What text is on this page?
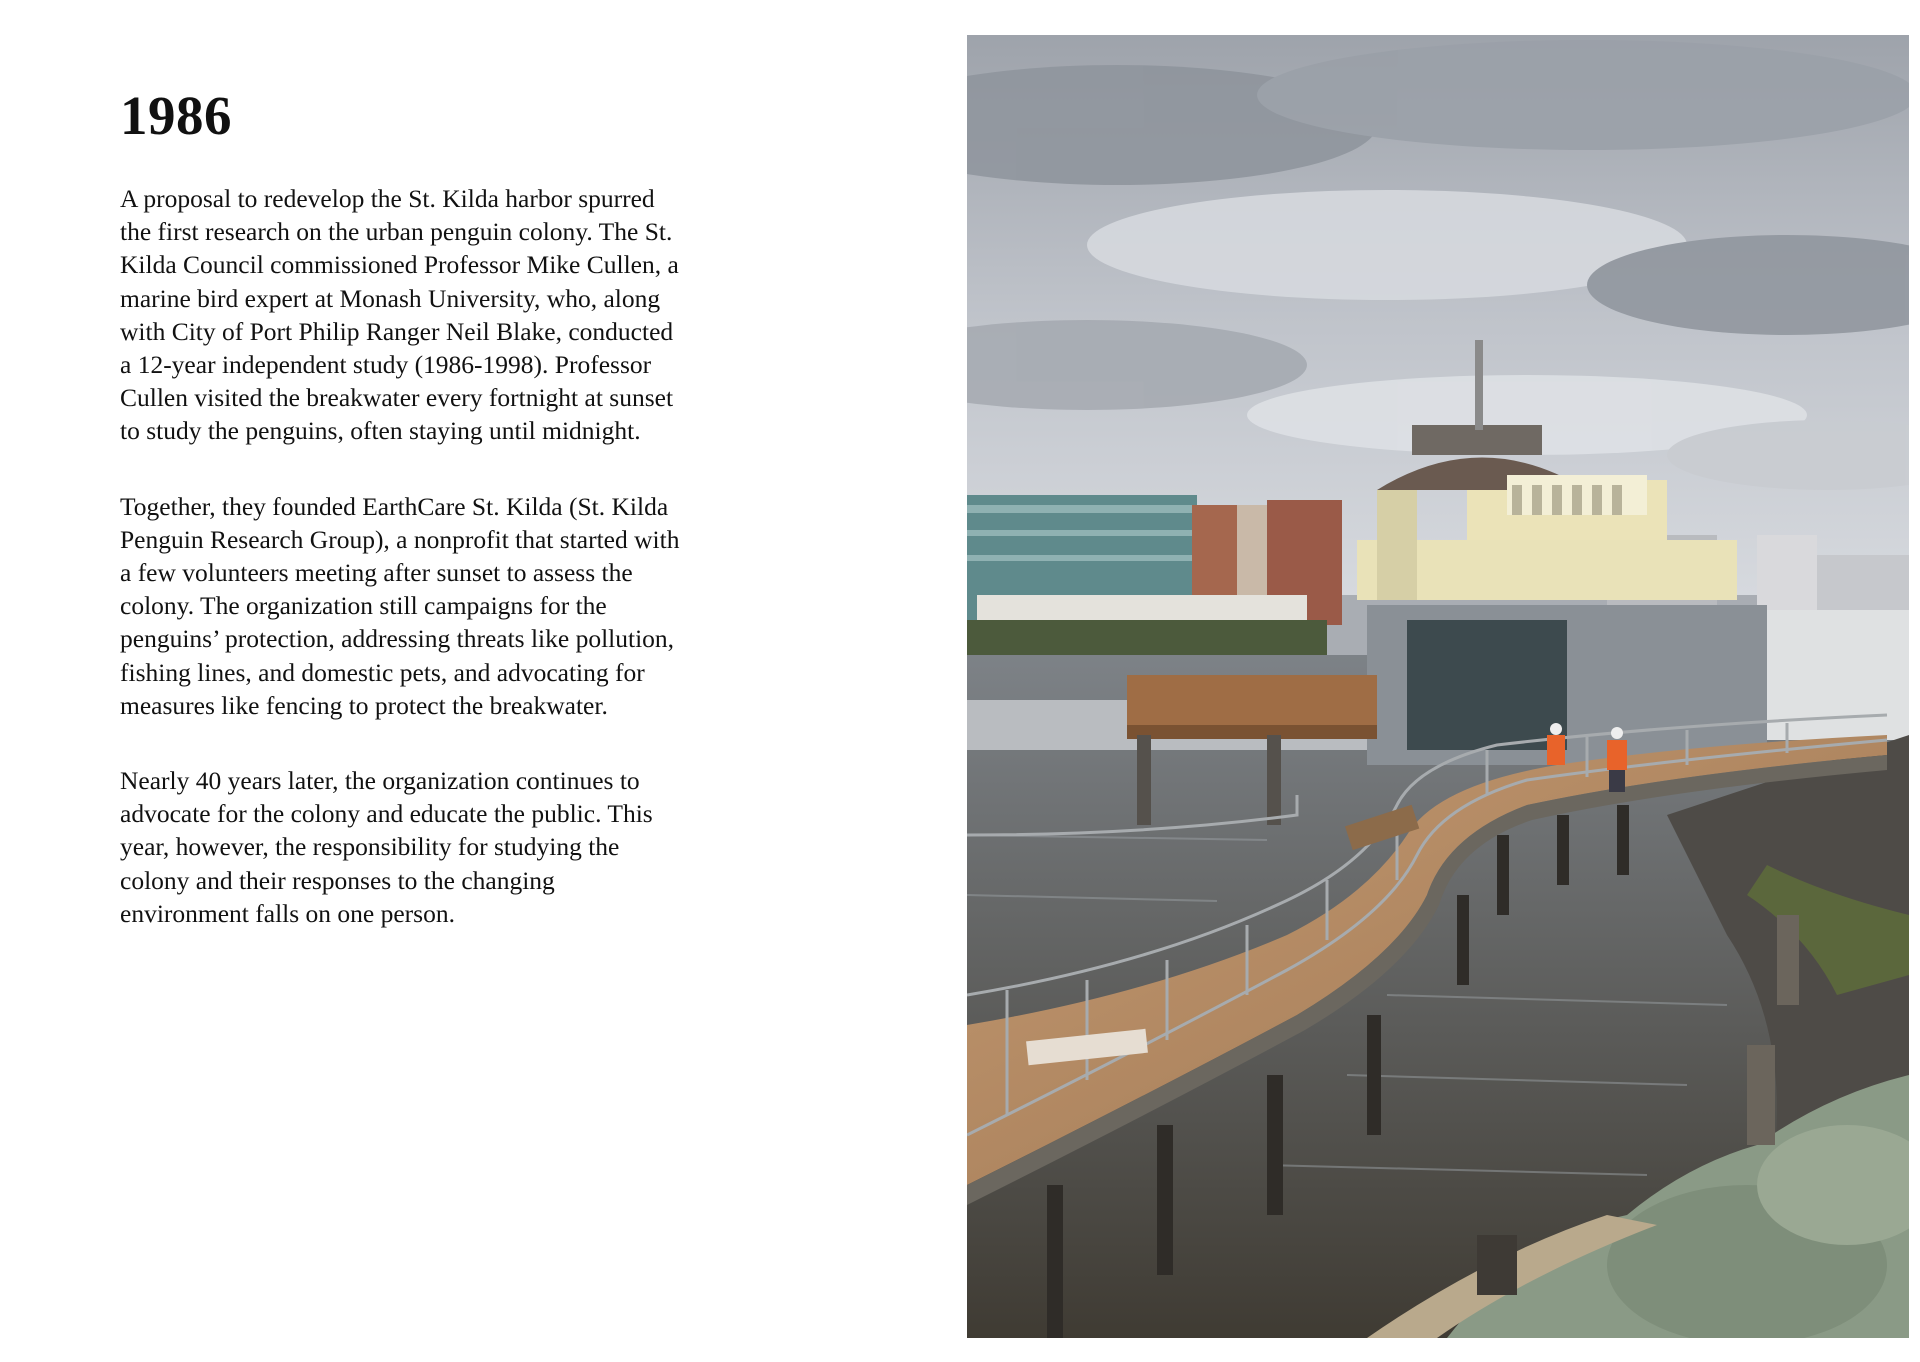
1986

A proposal to redevelop the St. Kilda harbor spurred the first research on the urban penguin colony. The St. Kilda Council commissioned Professor Mike Cullen, a marine bird expert at Monash University, who, along with City of Port Philip Ranger Neil Blake, conducted a 12-year independent study (1986-1998). Professor Cullen visited the breakwater every fortnight at sunset to study the penguins, often staying until midnight.

Together, they founded EarthCare St. Kilda (St. Kilda Penguin Research Group), a nonprofit that started with a few volunteers meeting after sunset to assess the colony. The organization still campaigns for the penguins’ protection, addressing threats like pollution, fishing lines, and domestic pets, and advocating for measures like fencing to protect the breakwater.

Nearly 40 years later, the organization continues to advocate for the colony and educate the public. This year, however, the responsibility for studying the colony and their responses to the changing environment falls on one person.
